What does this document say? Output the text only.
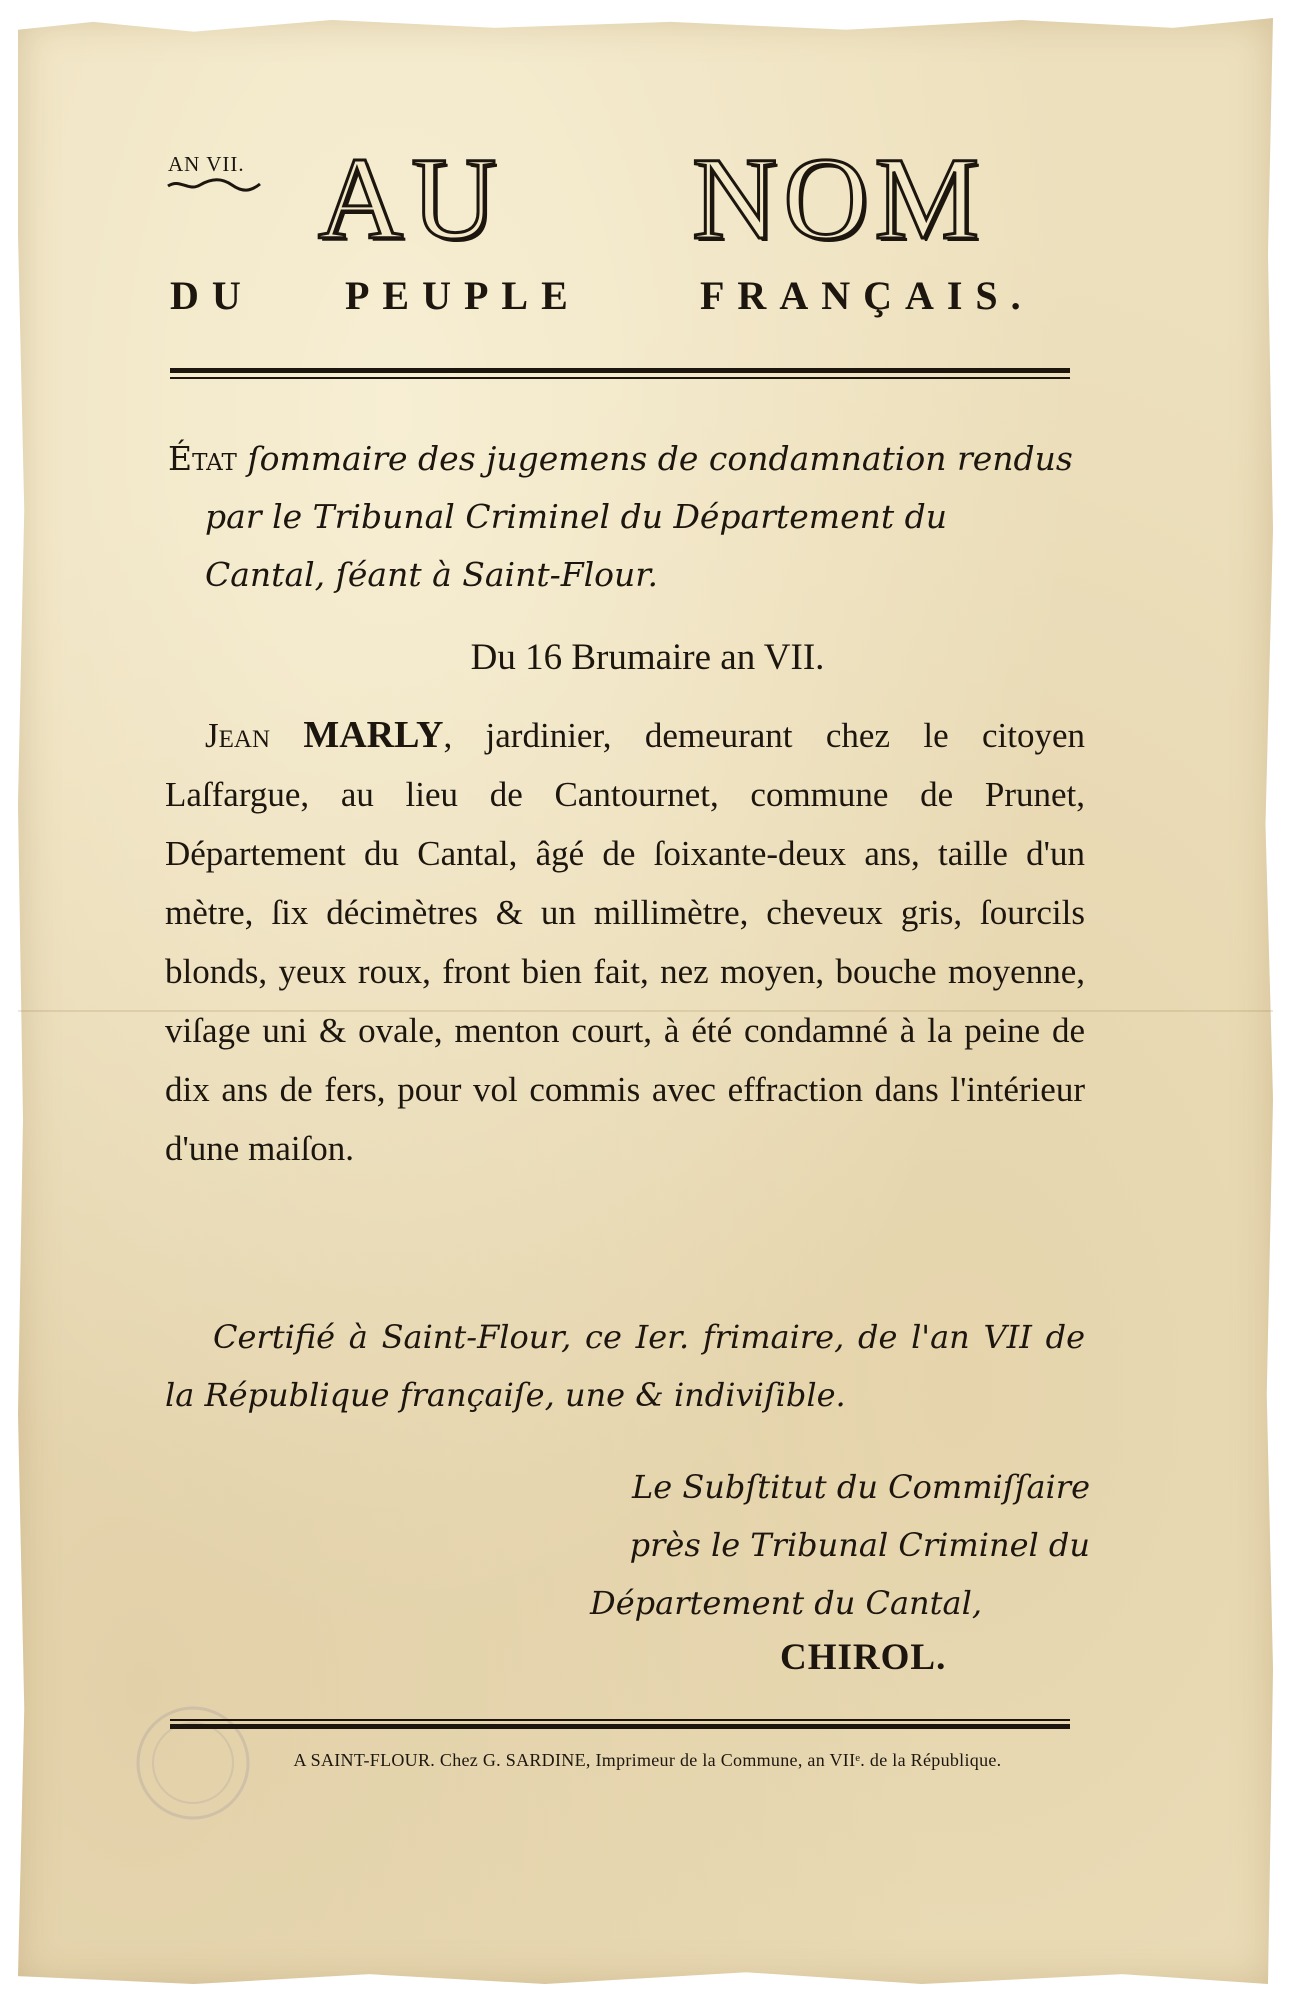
AN VII. AU NOM
DU PEUPLE	FRANÇAIS.
État ſommaire des jugemens de condamnation rendus
par le Tribunal Criminel du Département du
Cantal, ſéant à Saint-Flour.
Du 16 Brumaire an VII.
Jean MARLY, jardinier, demeurant chez le citoyen Laſfargue, au lieu de Cantournet, commune de Prunet, Département du Cantal, âgé de ſoixante-deux ans, taille d'un mètre, ſix décimètres & un millimètre, cheveux gris, ſourcils blonds, yeux roux, front bien fait, nez moyen, bouche moyenne, viſage uni & ovale, menton court, à été condamné à la peine de dix ans de fers, pour vol commis avec effraction dans l'intérieur d'une maiſon.
Certifié à Saint-Flour, ce Ier. frimaire, de l'an VII de la République françaiſe, une & indiviſible.
Le Subſtitut du Commiſſaire
près le Tribunal Criminel du
Département du Cantal,
CHIROL.
A SAINT-FLOUR. Chez G. SARDINE, Imprimeur de la Commune, an VIIᵉ. de la République.
